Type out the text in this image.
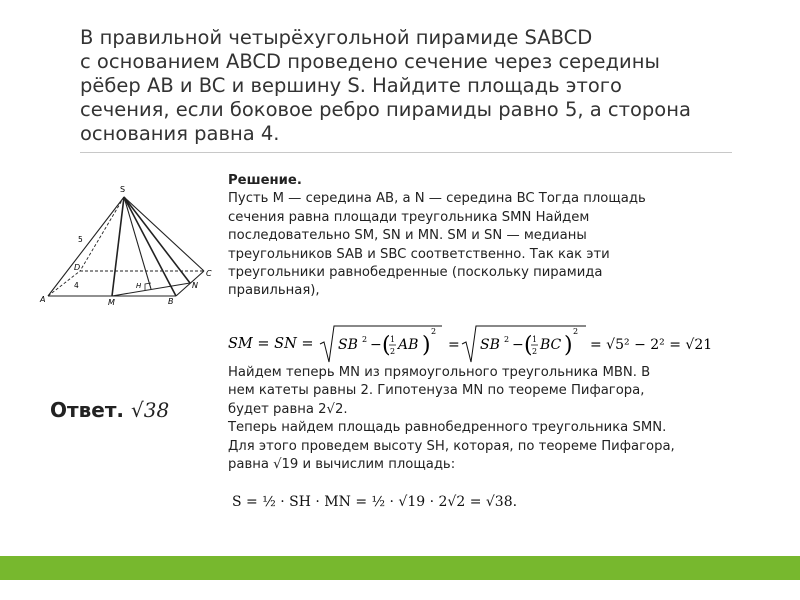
В правильной четырёхугольной пирамиде SABCD
с основанием ABCD проведено сечение через середины
рёбер AB и BC и вершину S. Найдите площадь этого
сечения, если боковое ребро пирамиды равно 5, а сторона
основания равна 4.
S
A	B
C
D
M
N
H
5
4
Ответ. √38
Решение.
Пусть M — середина AB, а N — середина BC Тогда площадь
сечения равна площади треугольника SMN Найдем
последовательно SM, SN и MN. SM и SN — медианы
треугольников SAB и SBC соответственно. Так как эти
треугольники равнобедренные (поскольку пирамида
правильная),
SM = SN = SB 2 − ( 1
2 AB )
2
= SB 2 − ( 1
2 BC )
2
= √5² − 2² = √21
Найдем теперь MN из прямоугольного треугольника MBN. В
нем катеты равны 2. Гипотенуза MN по теореме Пифагора,
будет равна 2√2.
Теперь найдем площадь равнобедренного треугольника SMN.
Для этого проведем высоту SH, которая, по теореме Пифагора,
равна √19 и вычислим площадь:
S = ½ · SH · MN = ½ · √19 · 2√2 = √38.
